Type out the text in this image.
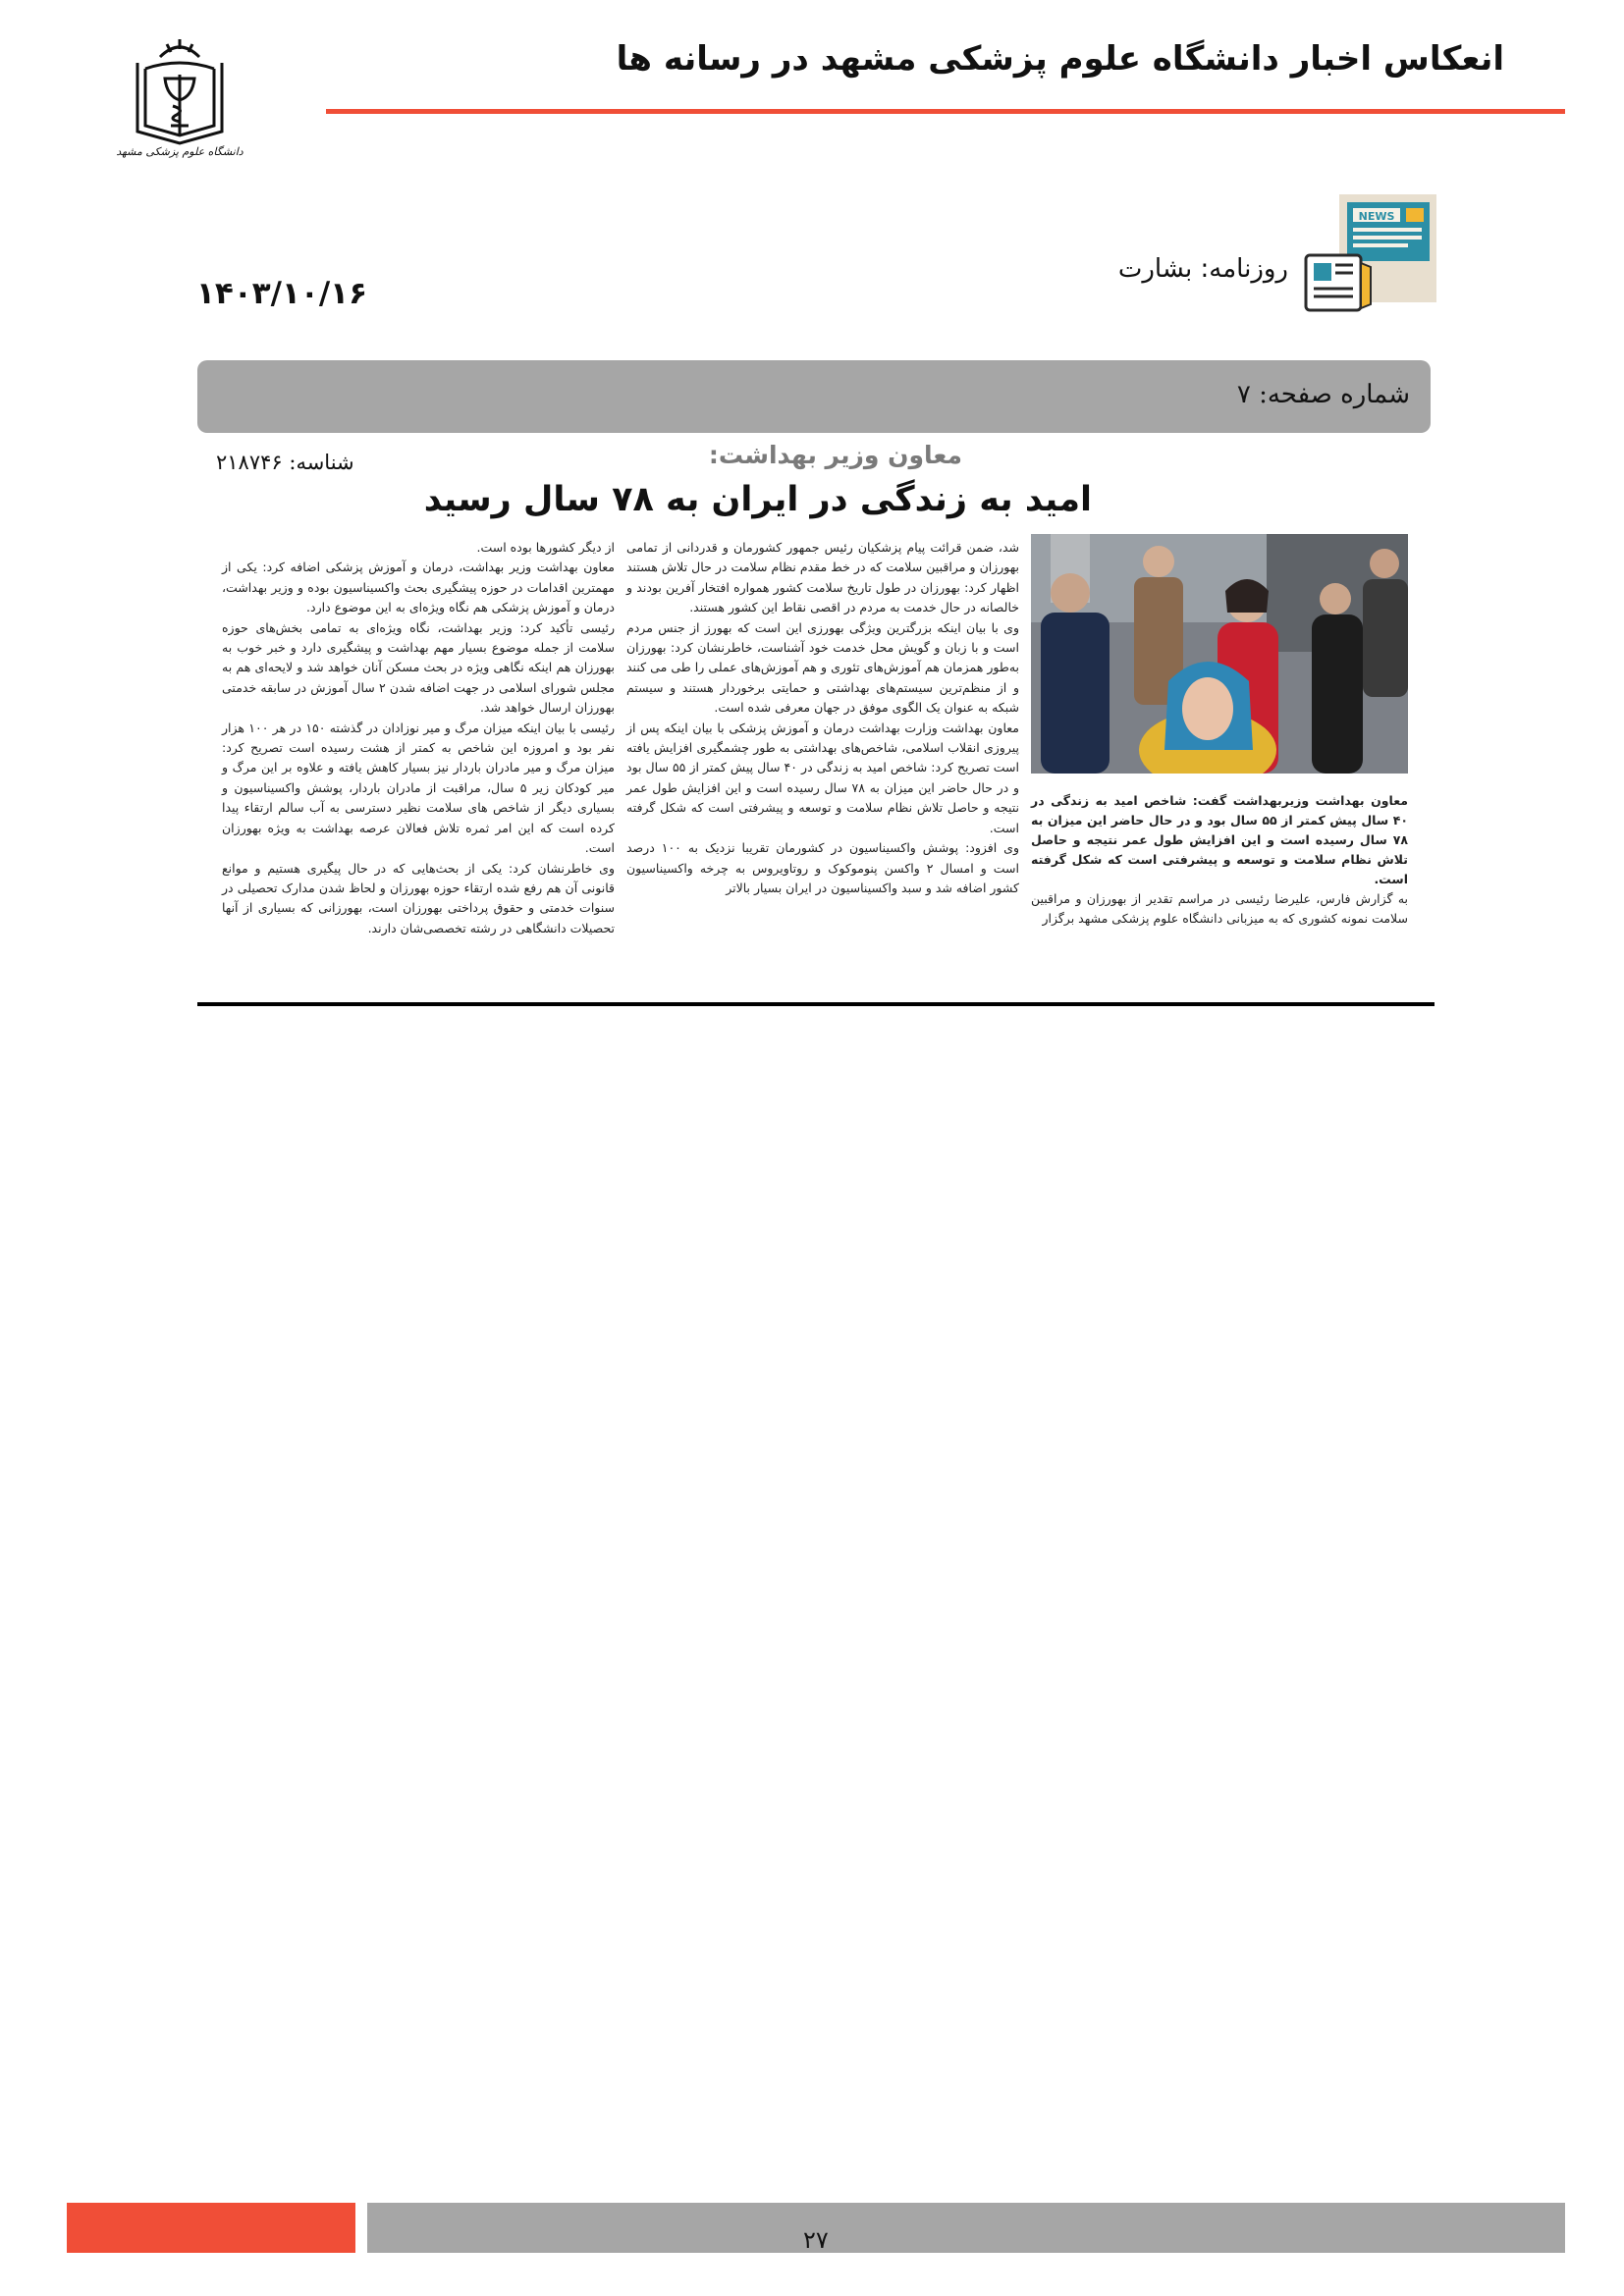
دانشگاه علوم پزشکی مشهد
انعکاس اخبار دانشگاه علوم پزشکی مشهد در رسانه ها
NEWS
روزنامه: بشارت
۱۴۰۳/۱۰/۱۶
شماره صفحه: ۷
معاون وزیر بهداشت:
شناسه: ۲۱۸۷۴۶
امید به زندگی در ایران به ۷۸ سال رسید
معاون بهداشت وزیربهداشت گفت: شاخص امید به زندگی در ۴۰ سال پیش کمتر از ۵۵ سال بود و در حال حاضر این میزان به ۷۸ سال رسیده است و این افزایش طول عمر نتیجه و حاصل تلاش نظام سلامت و توسعه و پیشرفتی است که شکل گرفته است.
به گزارش فارس، علیرضا رئیسی در مراسم تقدیر از بهورزان و مراقبین سلامت نمونه کشوری که به میزبانی دانشگاه علوم پزشکی مشهد برگزار

شد، ضمن قرائت پیام پزشکیان رئیس جمهور کشورمان و قدردانی از تمامی بهورزان و مراقبین سلامت که در خط مقدم نظام سلامت در حال تلاش هستند اظهار کرد: بهورزان در طول تاریخ سلامت کشور همواره افتخار آفرین بودند و خالصانه در حال خدمت به مردم در اقصی نقاط این کشور هستند.

وی با بیان اینکه بزرگترین ویژگی بهورزی این است که بهورز از جنس مردم است و با زبان و گویش محل خدمت خود آشناست، خاطرنشان کرد: بهورزان به‌طور همزمان هم آموزش‌های تئوری و هم آموزش‌های عملی را طی می کنند و از منظم‌ترین سیستم‌های بهداشتی و حمایتی برخوردار هستند و سیستم شبکه به عنوان یک الگوی موفق در جهان معرفی شده است.

معاون بهداشت وزارت بهداشت درمان و آموزش پزشکی با بیان اینکه پس از پیروزی انقلاب اسلامی، شاخص‌های بهداشتی به طور چشمگیری افزایش یافته است تصریح کرد: شاخص امید به زندگی در ۴۰ سال پیش کمتر از ۵۵ سال بود و در حال حاضر این میزان به ۷۸ سال رسیده است و این افزایش طول عمر نتیجه و حاصل تلاش نظام سلامت و توسعه و پیشرفتی است که شکل گرفته است.

وی افزود: پوشش واکسیناسیون در کشورمان تقریبا نزدیک به ۱۰۰ درصد است و امسال ۲ واکسن پنوموکوک و روتاویروس به چرخه واکسیناسیون کشور اضافه شد و سبد واکسیناسیون در ایران بسیار بالاتر

از دیگر کشورها بوده است.

معاون بهداشت وزیر بهداشت، درمان و آموزش پزشکی اضافه کرد: یکی از مهمترین اقدامات در حوزه پیشگیری بحث واکسیناسیون بوده و وزیر بهداشت، درمان و آموزش پزشکی هم نگاه ویژه‌ای به این موضوع دارد.

رئیسی تأکید کرد: وزیر بهداشت، نگاه ویژه‌ای به تمامی بخش‌های حوزه سلامت از جمله موضوع بسیار مهم بهداشت و پیشگیری دارد و خبر خوب به بهورزان هم اینکه نگاهی ویژه در بحث مسکن آنان خواهد شد و لایحه‌ای هم به مجلس شورای اسلامی در جهت اضافه شدن ۲ سال آموزش در سابقه خدمتی بهورزان ارسال خواهد شد.

رئیسی با بیان اینکه میزان مرگ و میر نوزادان در گذشته ۱۵۰ در هر ۱۰۰ هزار نفر بود و امروزه این شاخص به کمتر از هشت رسیده است تصریح کرد: میزان مرگ و میر مادران باردار نیز بسیار کاهش یافته و علاوه بر این مرگ و میر کودکان زیر ۵ سال، مراقبت از مادران باردار، پوشش واکسیناسیون و بسیاری دیگر از شاخص های سلامت نظیر دسترسی به آب سالم ارتقاء پیدا کرده است که این امر ثمره تلاش فعالان عرصه بهداشت به ویژه بهورزان است.

وی خاطرنشان کرد: یکی از بحث‌هایی که در حال پیگیری هستیم و موانع قانونی آن هم رفع شده ارتقاء حوزه بهورزان و لحاظ شدن مدارک تحصیلی در سنوات خدمتی و حقوق پرداختی بهورزان است، بهورزانی که بسیاری از آنها تحصیلات دانشگاهی در رشته تخصصی‌شان دارند.

۲۷
